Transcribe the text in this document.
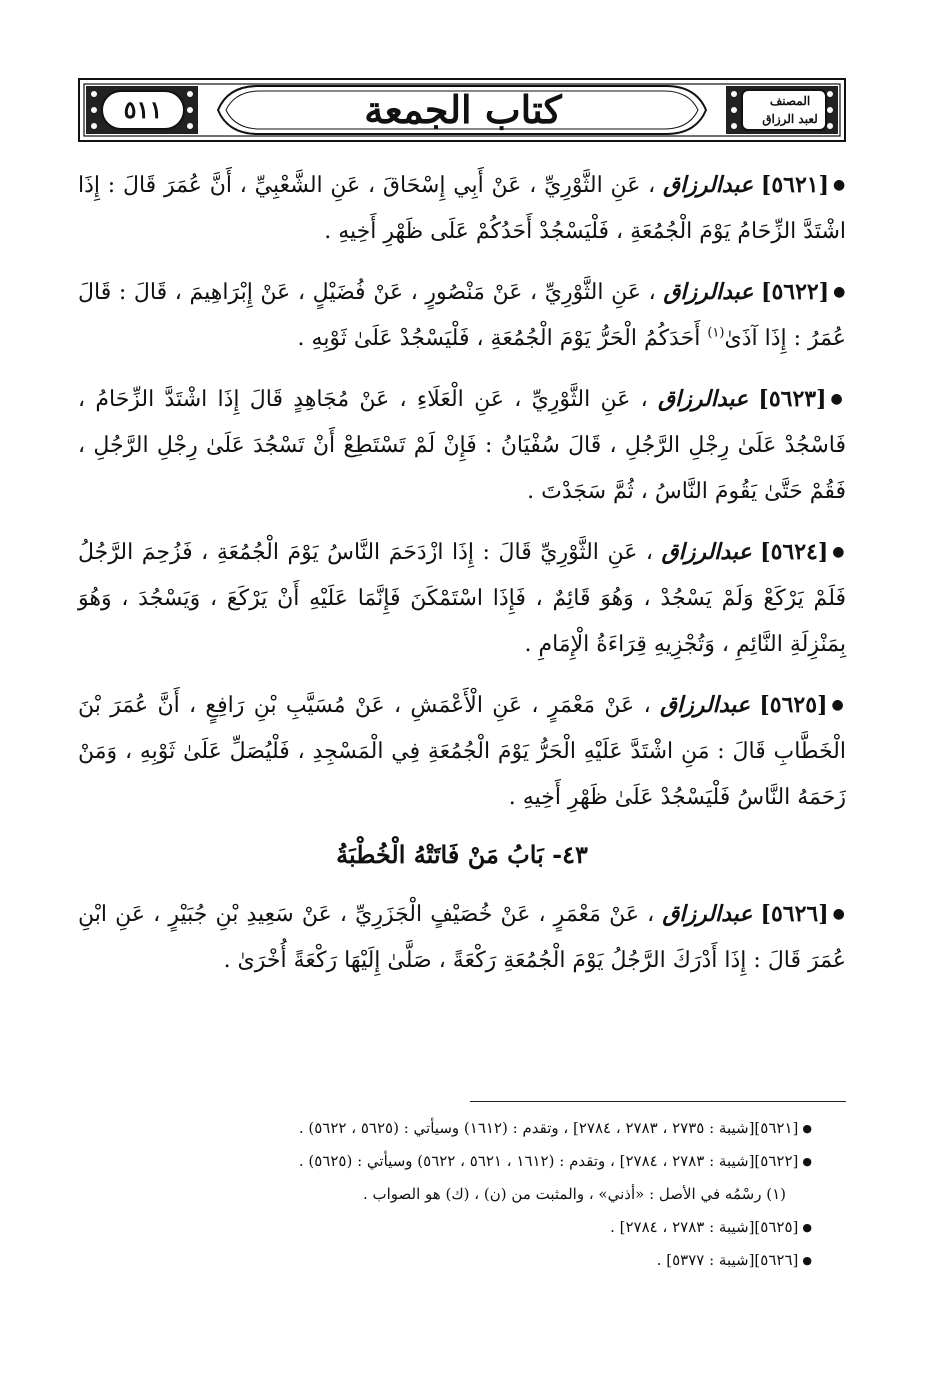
كتاب الجمعة
٥١١	المصنف
لعبد الرزاق

●[٥٦٢١] عبدالرزاق ، عَنِ الثَّوْرِيِّ ، عَنْ أَبِي إِسْحَاقَ ، عَنِ الشَّعْبِيِّ ، أَنَّ عُمَرَ قَالَ : إِذَا اشْتَدَّ الزِّحَامُ يَوْمَ الْجُمُعَةِ ، فَلْيَسْجُدْ أَحَدُكُمْ عَلَى ظَهْرِ أَخِيهِ .

●[٥٦٢٢] عبدالرزاق ، عَنِ الثَّوْرِيِّ ، عَنْ مَنْصُورٍ ، عَنْ فُضَيْلٍ ، عَنْ إِبْرَاهِيمَ ، قَالَ : قَالَ عُمَرُ : إِذَا آذَىٰ$^{(١)}$ أَحَدَكُمُ الْحَرُّ يَوْمَ الْجُمُعَةِ ، فَلْيَسْجُدْ عَلَىٰ ثَوْبِهِ .

●[٥٦٢٣] عبدالرزاق ، عَنِ الثَّوْرِيِّ ، عَنِ الْعَلَاءِ ، عَنْ مُجَاهِدٍ قَالَ إِذَا اشْتَدَّ الزِّحَامُ ، فَاسْجُدْ عَلَىٰ رِجْلِ الرَّجُلِ ، قَالَ سُفْيَانُ : فَإِنْ لَمْ تَسْتَطِعْ أَنْ تَسْجُدَ عَلَىٰ رِجْلِ الرَّجُلِ ، فَقُمْ حَتَّىٰ يَقُومَ النَّاسُ ، ثُمَّ سَجَدْتَ .

●[٥٦٢٤] عبدالرزاق ، عَنِ الثَّوْرِيِّ قَالَ : إِذَا ازْدَحَمَ النَّاسُ يَوْمَ الْجُمُعَةِ ، فَزُحِمَ الرَّجُلُ فَلَمْ يَرْكَعْ وَلَمْ يَسْجُدْ ، وَهُوَ قَائِمٌ ، فَإِذَا اسْتَمْكَنَ فَإِنَّمَا عَلَيْهِ أَنْ يَرْكَعَ ، وَيَسْجُدَ ، وَهُوَ بِمَنْزِلَةِ النَّائِمِ ، وَتُجْزِيهِ قِرَاءَةُ الْإِمَامِ .

●[٥٦٢٥] عبدالرزاق ، عَنْ مَعْمَرٍ ، عَنِ الْأَعْمَشِ ، عَنْ مُسَيَّبِ بْنِ رَافِعٍ ، أَنَّ عُمَرَ بْنَ الْخَطَّابِ قَالَ : مَنِ اشْتَدَّ عَلَيْهِ الْحَرُّ يَوْمَ الْجُمُعَةِ فِي الْمَسْجِدِ ، فَلْيُصَلِّ عَلَىٰ ثَوْبِهِ ، وَمَنْ زَحَمَهُ النَّاسُ فَلْيَسْجُدْ عَلَىٰ ظَهْرِ أَخِيهِ .

٤٣- بَابُ مَنْ فَاتَتْهُ الْخُطْبَةُ

●[٥٦٢٦] عبدالرزاق ، عَنْ مَعْمَرٍ ، عَنْ خُصَيْفٍ الْجَزَرِيِّ ، عَنْ سَعِيدِ بْنِ جُبَيْرٍ ، عَنِ ابْنِ عُمَرَ قَالَ : إِذَا أَدْرَكَ الرَّجُلُ يَوْمَ الْجُمُعَةِ رَكْعَةً ، صَلَّىٰ إِلَيْهَا رَكْعَةً أُخْرَىٰ .

●[٥٦٢١][شيبة : ٢٧٣٥ ، ٢٧٨٣ ، ٢٧٨٤] ، وتقدم : (١٦١٢) وسيأتي : (٥٦٢٥ ، ٥٦٢٢) .

●[٥٦٢٢][شيبة : ٢٧٨٣ ، ٢٧٨٤] ، وتقدم : (١٦١٢ ، ٥٦٢١ ، ٥٦٢٢) وسيأتي : (٥٦٢٥) .

(١) رسْمُه في الأصل : «أذني» ، والمثبت من (ن) ، (ك) هو الصواب .

●[٥٦٢٥][شيبة : ٢٧٨٣ ، ٢٧٨٤] .

●[٥٦٢٦][شيبة : ٥٣٧٧] .
